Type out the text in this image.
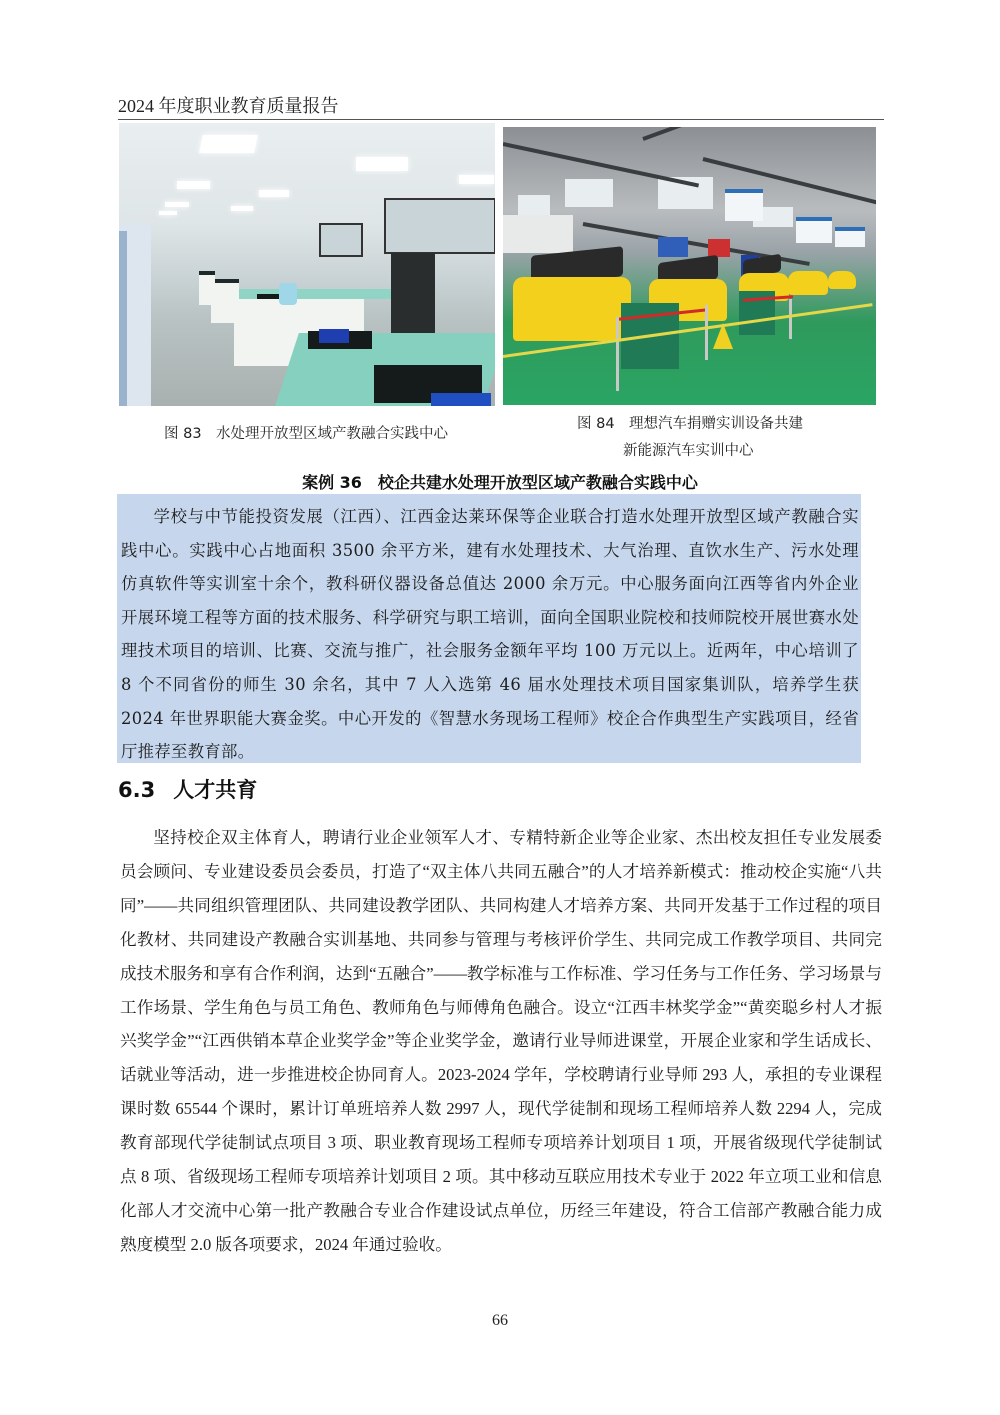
2024 年度职业教育质量报告
图 83　水处理开放型区域产教融合实践中心
图 84　理想汽车捐赠实训设备共建
新能源汽车实训中心
案例 36　校企共建水处理开放型区域产教融合实践中心
学校与中节能投资发展（江西）、江西金达莱环保等企业联合打造水处理开放型区域产教融合实践中心。实践中心占地面积 3500 余平方米，建有水处理技术、大气治理、直饮水生产、污水处理仿真软件等实训室十余个，教科研仪器设备总值达 2000 余万元。中心服务面向江西等省内外企业开展环境工程等方面的技术服务、科学研究与职工培训，面向全国职业院校和技师院校开展世赛水处理技术项目的培训、比赛、交流与推广，社会服务金额年平均 100 万元以上。近两年，中心培训了 8 个不同省份的师生 30 余名，其中 7 人入选第 46 届水处理技术项目国家集训队，培养学生获 2024 年世界职能大赛金奖。中心开发的《智慧水务现场工程师》校企合作典型生产实践项目，经省厅推荐至教育部。
6.3 人才共育
坚持校企双主体育人，聘请行业企业领军人才、专精特新企业等企业家、杰出校友担任专业发展委员会顾问、专业建设委员会委员，打造了“双主体八共同五融合”的人才培养新模式：推动校企实施“八共同”——共同组织管理团队、共同建设教学团队、共同构建人才培养方案、共同开发基于工作过程的项目化教材、共同建设产教融合实训基地、共同参与管理与考核评价学生、共同完成工作教学项目、共同完成技术服务和享有合作利润，达到“五融合”——教学标准与工作标准、学习任务与工作任务、学习场景与工作场景、学生角色与员工角色、教师角色与师傅角色融合。设立“江西丰林奖学金”“黄奕聪乡村人才振兴奖学金”“江西供销本草企业奖学金”等企业奖学金，邀请行业导师进课堂，开展企业家和学生话成长、话就业等活动，进一步推进校企协同育人。2023-2024 学年，学校聘请行业导师 293 人，承担的专业课程课时数 65544 个课时，累计订单班培养人数 2997 人，现代学徒制和现场工程师培养人数 2294 人，完成教育部现代学徒制试点项目 3 项、职业教育现场工程师专项培养计划项目 1 项，开展省级现代学徒制试点 8 项、省级现场工程师专项培养计划项目 2 项。其中移动互联应用技术专业于 2022 年立项工业和信息化部人才交流中心第一批产教融合专业合作建设试点单位，历经三年建设，符合工信部产教融合能力成熟度模型 2.0 版各项要求，2024 年通过验收。
66
